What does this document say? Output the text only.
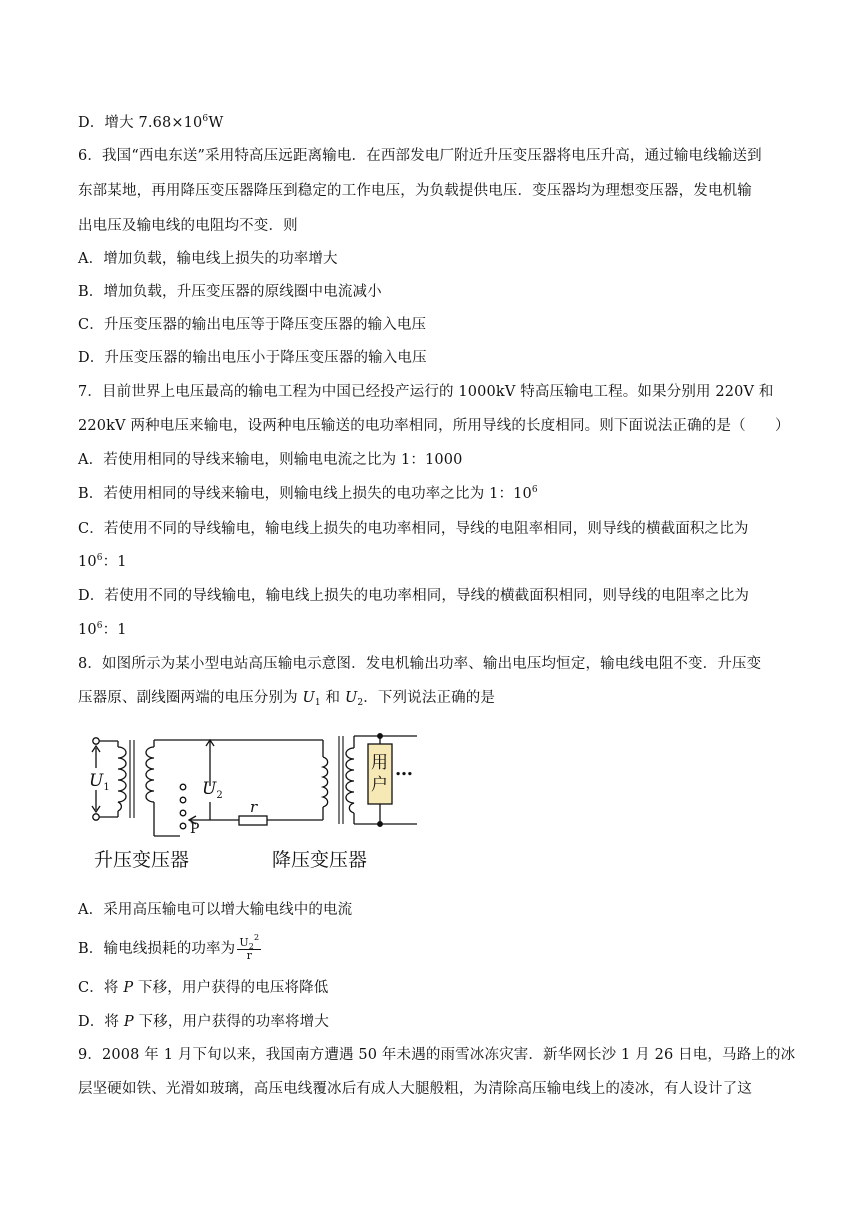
D．增大 $7.68\times 10^6W$
6．我国“西电东送”采用特高压远距离输电．在西部发电厂附近升压变压器将电压升高，通过输电线输送到
东部某地，再用降压变压器降压到稳定的工作电压，为负载提供电压．变压器均为理想变压器，发电机输
出电压及输电线的电阻均不变．则
A．增加负载，输电线上损失的功率增大
B．增加负载，升压变压器的原线圈中电流减小
C．升压变压器的输出电压等于降压变压器的输入电压
D．升压变压器的输出电压小于降压变压器的输入电压
7．目前世界上电压最高的输电工程为中国已经投产运行的 1000kV 特高压输电工程。如果分别用 220V 和
220kV 两种电压来输电，设两种电压输送的电功率相同，所用导线的长度相同。则下面说法正确的是（　　）
A．若使用相同的导线来输电，则输电电流之比为 1：1000
B．若使用相同的导线来输电，则输电线上损失的电功率之比为 1：$10^6$
C．若使用不同的导线输电，输电线上损失的电功率相同，导线的电阻率相同，则导线的横截面积之比为
$10^6$：1
D．若使用不同的导线输电，输电线上损失的电功率相同，导线的横截面积相同，则导线的电阻率之比为
$10^6$：1
8．如图所示为某小型电站高压输电示意图．发电机输出功率、输出电压均恒定，输电线电阻不变．升压变
压器原、副线圈两端的电压分别为 $U_1$ 和 $U_2$．下列说法正确的是
用
户
…
$U_1$	$U_2$
r
P
升压变压器	降压变压器
A．采用高压输电可以增大输电线中的电流
B．输电线损耗的功率为 $\frac{U_2^2}{r}$
C．将 P 下移，用户获得的电压将降低
D．将 P 下移，用户获得的功率将增大
9．2008 年 1 月下旬以来，我国南方遭遇 50 年未遇的雨雪冰冻灾害．新华网长沙 1 月 26 日电，马路上的冰
层坚硬如铁、光滑如玻璃，高压电线覆冰后有成人大腿般粗，为清除高压输电线上的凌冰，有人设计了这
